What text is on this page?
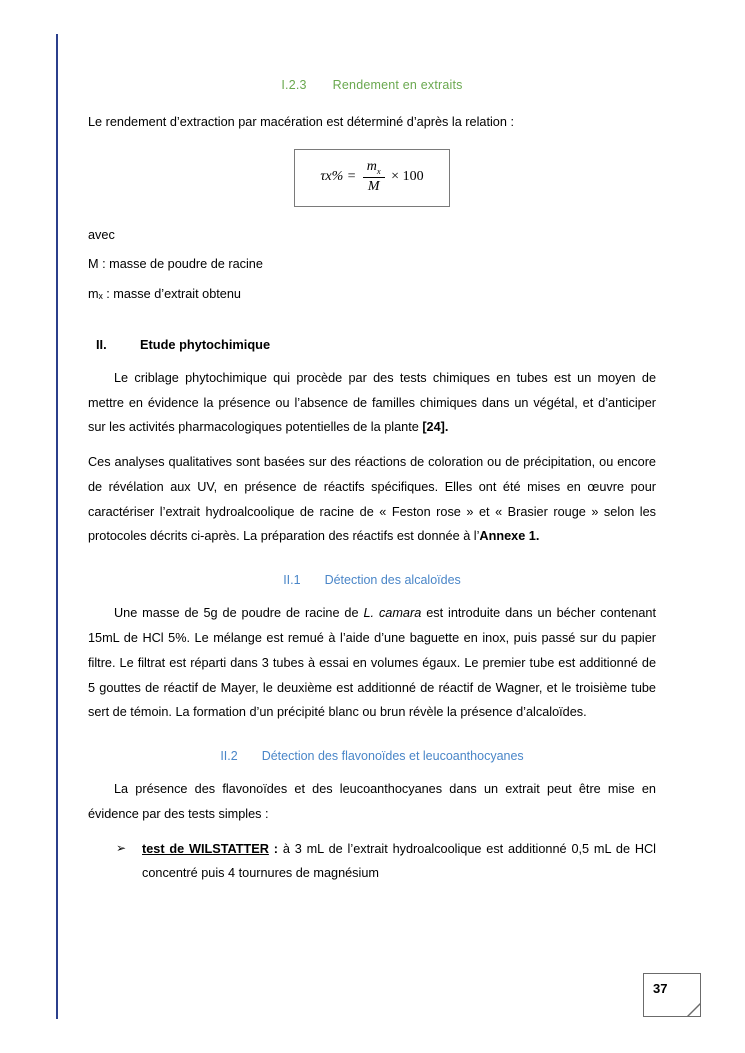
I.2.3 Rendement en extraits

Le rendement d’extraction par macération est déterminé d’après la relation :

$\tau x\% = \frac{m_x}{M} \times 100$

avec

M : masse de poudre de racine

mₓ : masse d’extrait obtenu

II.	Etude phytochimique

Le criblage phytochimique qui procède par des tests chimiques en tubes est un moyen de mettre en évidence la présence ou l’absence de familles chimiques dans un végétal, et d’anticiper sur les activités pharmacologiques potentielles de la plante [24].

Ces analyses qualitatives sont basées sur des réactions de coloration ou de précipitation, ou encore de révélation aux UV, en présence de réactifs spécifiques. Elles ont été mises en œuvre pour caractériser l’extrait hydroalcoolique de racine de « Feston rose » et « Brasier rouge » selon les protocoles décrits ci-après. La préparation des réactifs est donnée à l’Annexe 1.

II.1 Détection des alcaloïdes

Une masse de 5g de poudre de racine de L. camara est introduite dans un bécher contenant 15mL de HCl 5%. Le mélange est remué à l’aide d’une baguette en inox, puis passé sur du papier filtre. Le filtrat est réparti dans 3 tubes à essai en volumes égaux. Le premier tube est additionné de 5 gouttes de réactif de Mayer, le deuxième est additionné de réactif de Wagner, et le troisième tube sert de témoin. La formation d’un précipité blanc ou brun révèle la présence d’alcaloïdes.

II.2 Détection des flavonoïdes et leucoanthocyanes

La présence des flavonoïdes et des leucoanthocyanes dans un extrait peut être mise en évidence par des tests simples :

➢ test de WILSTATTER : à 3 mL de l’extrait hydroalcoolique est additionné 0,5 mL de HCl concentré puis 4 tournures de magnésium
37
